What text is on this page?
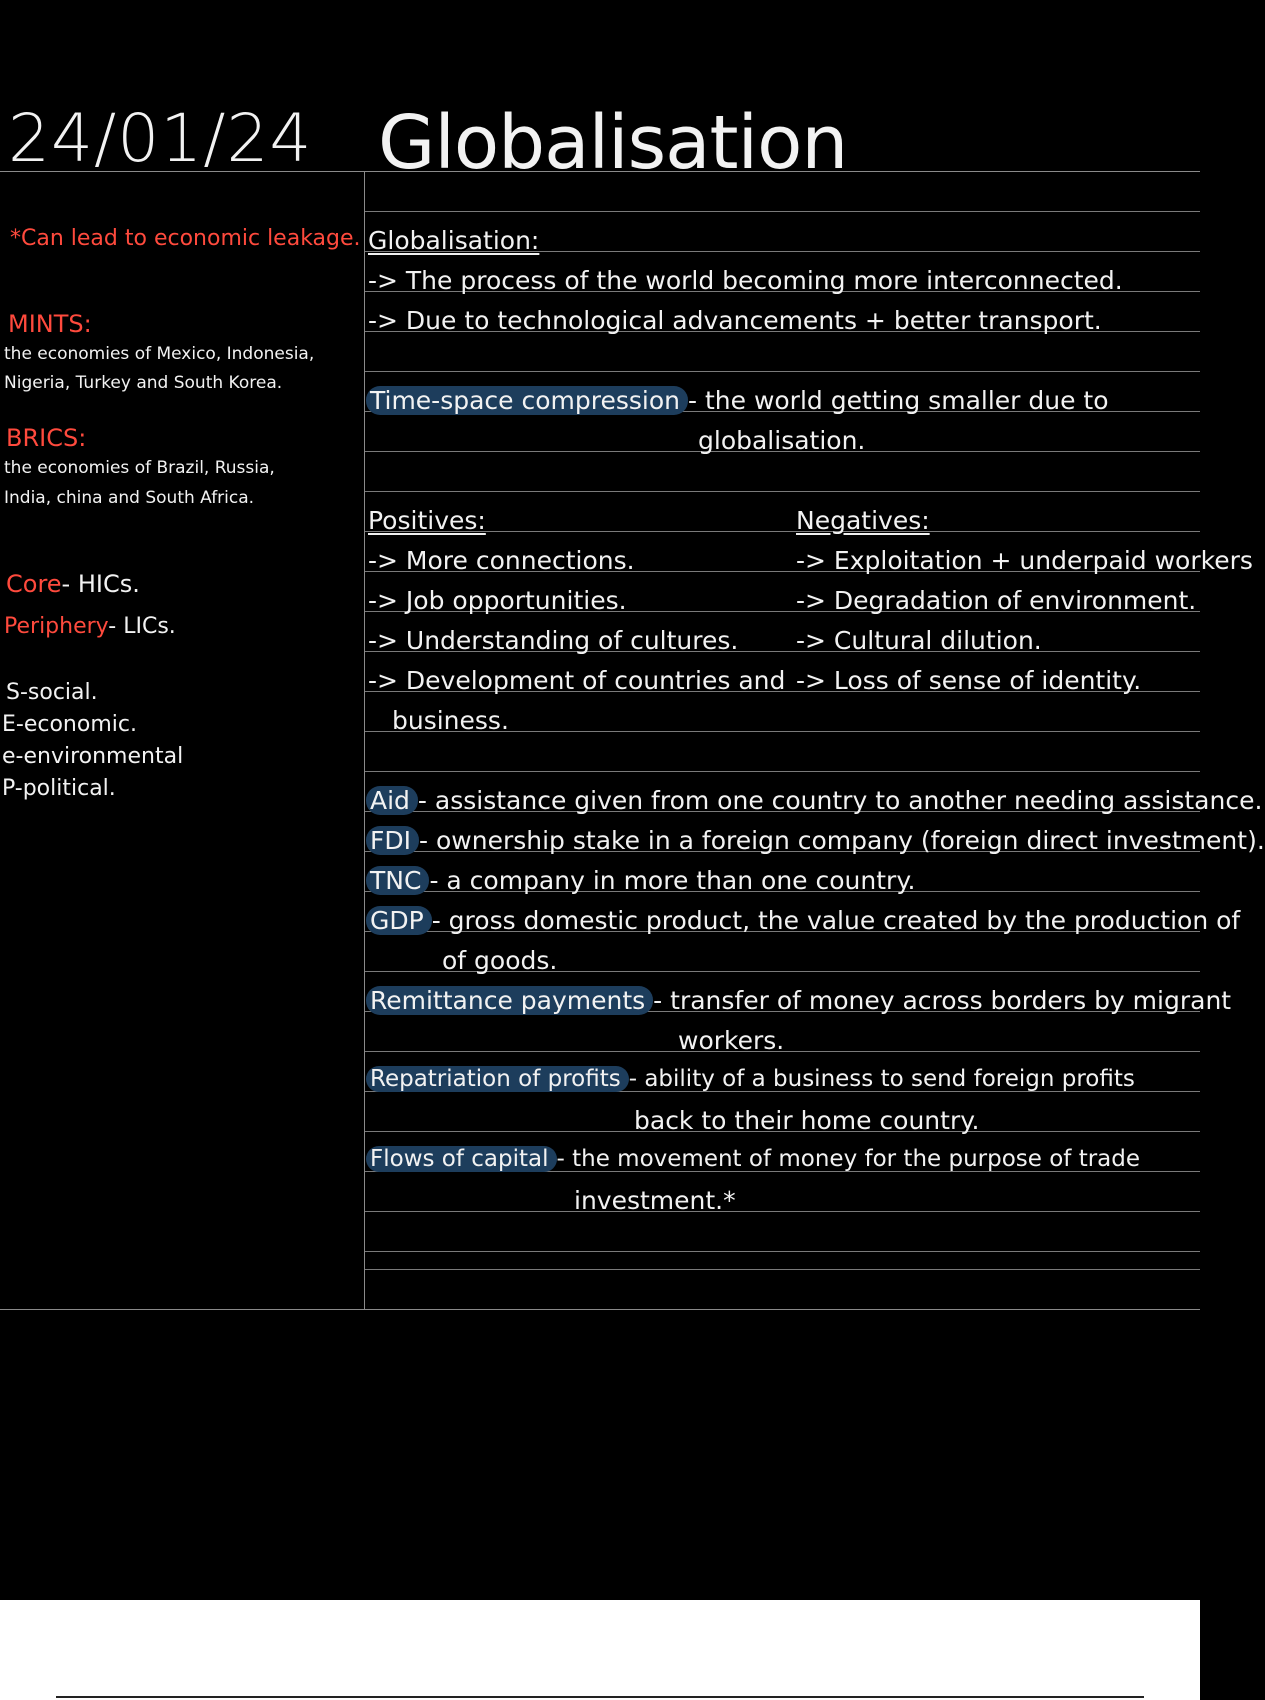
24/01/24 Globalisation
*Can lead to economic leakage.
MINTS:
the economies of Mexico, Indonesia,
Nigeria, Turkey and South Korea.
BRICS:
the economies of Brazil, Russia,
India, china and South Africa.
Core- HICs.
Periphery- LICs.
S-social.
E-economic.
e-environmental
P-political.
Globalisation:
-> The process of the world becoming more interconnected.
-> Due to technological advancements + better transport.
Time-space compression - the world getting smaller due to
globalisation.
Positives:
-> More connections.
-> Job opportunities.
-> Understanding of cultures.
-> Development of countries and
business.
Negatives:
-> Exploitation + underpaid workers
-> Degradation of environment.
-> Cultural dilution.
-> Loss of sense of identity.
Aid - assistance given from one country to another needing assistance.
FDI - ownership stake in a foreign company (foreign direct investment).
TNC - a company in more than one country.
GDP - gross domestic product, the value created by the production of
of goods.
Remittance payments - transfer of money across borders by migrant
workers.
Repatriation of profits - ability of a business to send foreign profits
back to their home country.
Flows of capital - the movement of money for the purpose of trade
investment.*
